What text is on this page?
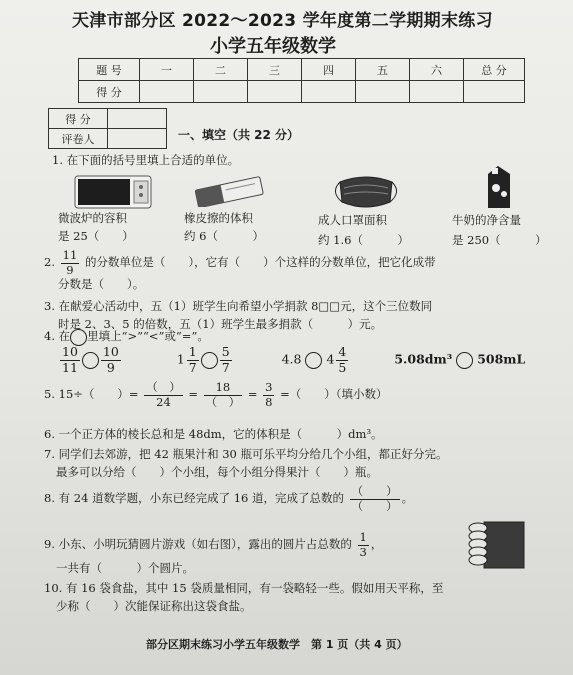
天津市部分区 2022～2023 学年度第二学期期末练习
小学五年级数学
题 号	一	二	三	四	五	六	总 分
得 分							
得 分	
评卷人		一、填空（共 22 分）
1. 在下面的括号里填上合适的单位。
微波炉的容积
是 25（　　）
橡皮擦的体积
约 6（　　　）
成人口罩面积
约 1.6（　　　）
牛奶的净含量
是 250（　　　）
2. $\frac{11}{9}$ 的分数单位是（　　），它有（　　）个这样的分数单位，把它化成带
分数是（　　）。
3. 在献爱心活动中，五（1）班学生向希望小学捐款 8□□元，这个三位数同
时是 2、3、5 的倍数，五（1）班学生最多捐款（　　　）元。
4. 在 里填上“>”“<”或“=”。
$\frac{10}{11} \frac{10}{9}$	$1 \frac{1}{7} \frac{5}{7}$	4.8 $4 \frac{4}{5}$	5.08dm³ 508mL
5. 15÷（　　）= $\frac{( )}{24} = \frac{18}{( )} = \frac{3}{8}$ =（　　）（填小数）
6. 一个正方体的棱长总和是 48dm，它的体积是（　　　）dm³。
7. 同学们去郊游，把 42 瓶果汁和 30 瓶可乐平均分给几个小组，都正好分完。
最多可以分给（　　）个小组，每个小组分得果汁（　　）瓶。
8. 有 24 道数学题，小东已经完成了 16 道，完成了总数的 $\frac{( )}{( )}$ 。
9. 小东、小明玩猜圆片游戏（如右图），露出的圆片占总数的 $\frac{1}{3}$ ，
一共有（　　　）个圆片。
10. 有 16 袋食盐，其中 15 袋质量相同，有一袋略轻一些。假如用天平称，至
少称（　　）次能保证称出这袋食盐。
部分区期末练习小学五年级数学　第 1 页（共 4 页）
